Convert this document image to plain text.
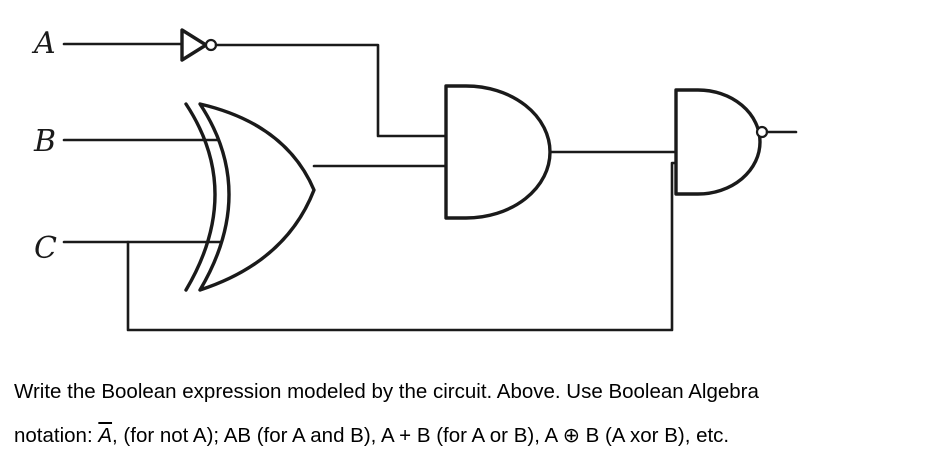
A
B
C

Write the Boolean expression modeled by the circuit. Above. Use Boolean Algebra

notation: $\overline{A}$, (for not A); AB (for A and B), A + B (for A or B), A ⊕ B (A xor B), etc.
